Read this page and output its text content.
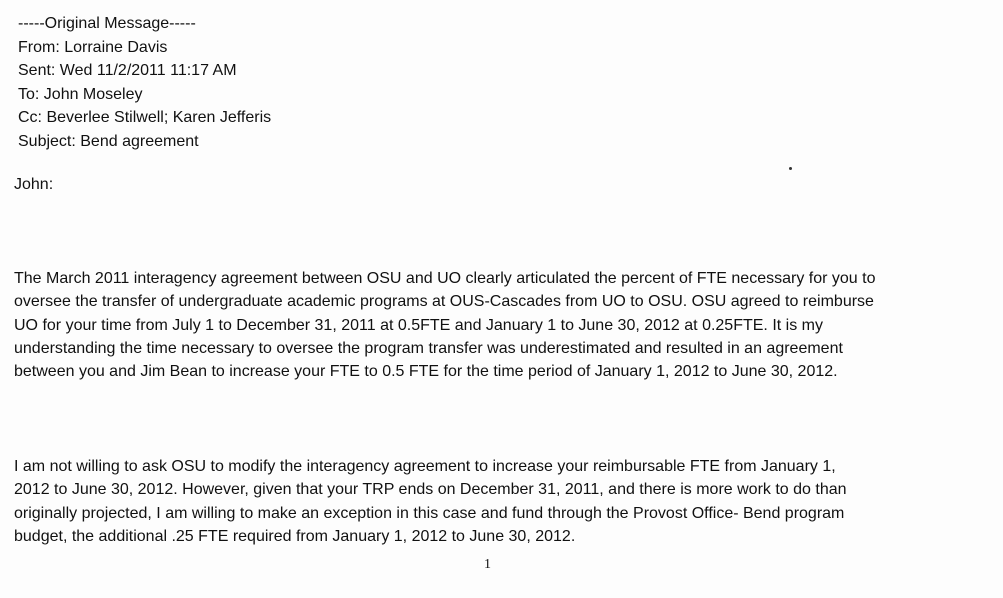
-----Original Message-----
From: Lorraine Davis
Sent: Wed 11/2/2011 11:17 AM
To: John Moseley
Cc: Beverlee Stilwell; Karen Jefferis
Subject: Bend agreement
John:
The March 2011 interagency agreement between OSU and UO clearly articulated the percent of FTE necessary for you to
oversee the transfer of undergraduate academic programs at OUS-Cascades from UO to OSU. OSU agreed to reimburse
UO for your time from July 1 to December 31, 2011 at 0.5FTE and January 1 to June 30, 2012 at 0.25FTE. It is my
understanding the time necessary to oversee the program transfer was underestimated and resulted in an agreement
between you and Jim Bean to increase your FTE to 0.5 FTE for the time period of January 1, 2012 to June 30, 2012.
I am not willing to ask OSU to modify the interagency agreement to increase your reimbursable FTE from January 1,
2012 to June 30, 2012. However, given that your TRP ends on December 31, 2011, and there is more work to do than
originally projected, I am willing to make an exception in this case and fund through the Provost Office- Bend program
budget, the additional .25 FTE required from January 1, 2012 to June 30, 2012.
1
